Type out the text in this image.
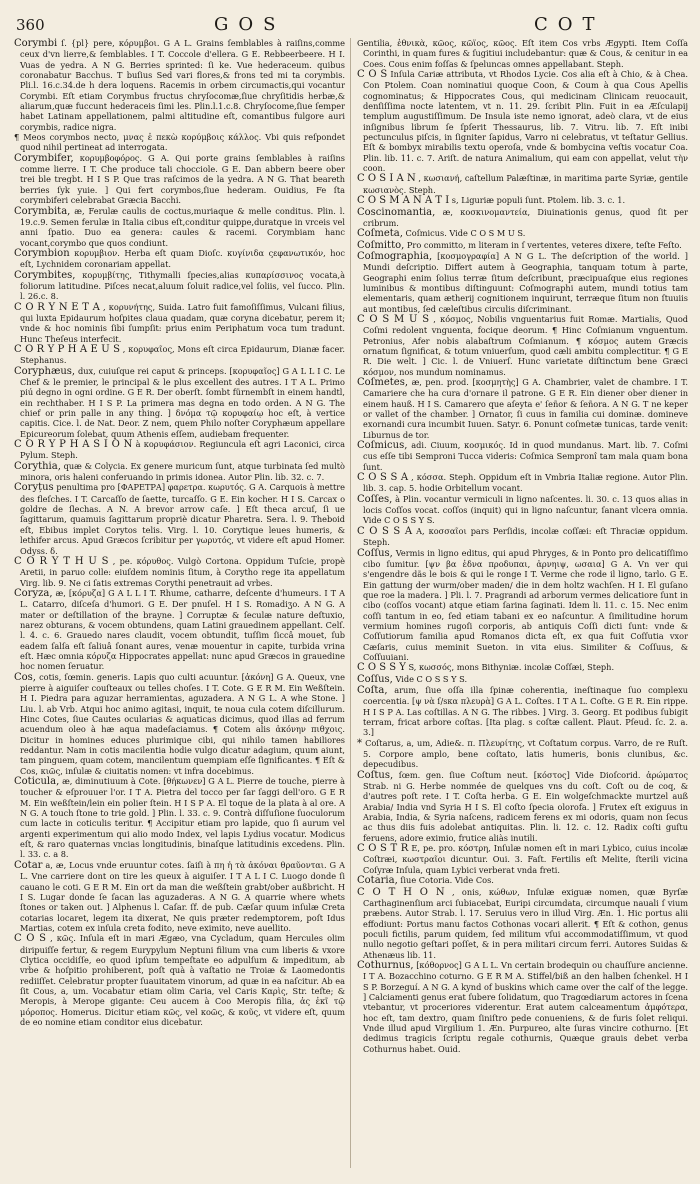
360	GOS	COT

Corymbi ſ. {pl} pere, κόρυμβοι. G A L. Grains ſemblables à raiſins,comme ceux d'vn lierre,& ſemblables. I T. Coccole d'ellera. G E. Rebbeerbeere. H I. Vuas de yedra. A N G. Berries sprinted: ſi ke. Vue hederaceum. quibus coronabatur Bacchus. T buſius Sed vari flores,& frons ted mi ta corymbis. Pli.l. 16.c.34.de h dera loquens. Racemis in orbem circumactis,qui vocantur Corymbi. Eſt etiam Corymbus fructus chryſocomæ,ſiue chryſitidis herbæ,& aliarum,quæ fuccunt hederaceis ſimi les. Plin.l.1.c.8. Chryſocome,ſiue ſemper habet Latinam appellationem, palmi altitudine eſt, comantibus fulgore auri corymbis, radice nigra.

¶ Meos corymbos necto, μνας ἐ πεκὼ κορύμβοις κάλλος. Vbi quis reſpondet quod nihil pertineat ad interrogata.

Corymbifer, κορυμβοφόρος. G A. Qui porte grains ſemblables à raiſins comme lierre. I T. Che produce tali chocciole. G E. Dan abbern beere ober trei ble tregbt. H I S P. Que tras raſcimos de la yedra. A N G. That beareth berries ſyk yuie. ] Qui fert corymbos,ſiue hederam. Ouidius, Fe ſta corymbiferi celebrabat Græcia Bacchi.

Corymbita, æ, Ferulæ caulis de coctus,muriaque & melle conditus. Plin. l. 19.c.9. Semen ferulæ in Italia cibus eſt,conditur quippe,duratque in vrceis vel anni ſpatio. Duo ea genera: caules & racemi. Corymbiam hanc vocant,corymbo que quos condiunt.

Corymbion κορυμβιον. Herba eſt quam Dioſc. κυγίνιδα ςεφανωτικόν, hoc eſt, Lychnidem coronariam appellat.

Corymbites, κορυμβίτης, Tithymalli ſpecies,alias κυπαρίσσινος vocata,à foliorum latitudine. Piſces necat,aluum ſoluit radice,vel ſoliis, vel ſucco. Plin. l. 26.c. 8.

C O R Y N E T A , κορυνήτης, Suida. Latro fuit famoſiſſimus, Vulcani filius, qui luxta Epidaurum hoſpites claua quadam, quæ coryna dicebatur, perem it; vnde & hoc nominis ſibi ſumpſit: prius enim Periphatum voca tum tradunt. Hunc Theſeus interfecit.

C O R Y P H A E U S , κορυφαῖος, Mons eſt circa Epidaurum, Dianæ facer. Stephanus.

Coryphæus, dux, cuiuſque rei caput & princeps. [κορυφαῖος] G A L L I C. Le Chef & le premier, le principal & le plus excellent des autres. I T A L. Primo piú degno in ogni ordine. G E R. Der oberſt. ſombt fürnembſt in einem handtl, ein rechthaber. H I S P. La primera mas degna en todo orden. A N G. The chief or prin palle in any thing. ] δνόμα τῷ κορυφαίῳ hoc eſt, à vertice capitis. Cice. l. de Nat. Deor. Z nem, quem Philo noſter Coryphæum appellare Epicureorum ſolebat, quum Athenis eſſem, audiebam frequenter.

C O R Y P H A S I O N à κορυφάσιον. Regiuncula eſt agri Laconici, circa Pylum. Steph.

Corythia, quæ & Colycia. Ex genere muricum ſunt, atque turbinata ſed multò minora, oris haleni conferuando in primis idonea. Autor Plin. lib. 32. c. 7.

Coryțus penultima pro [ΦΑΡΕΤΡΑ] φαρετρα. κωρυτός. G A. Carquois à mettre des fleſches. I T. Carcaſſo de ſaette, turcaſſo. G E. Ein kocher. H I S. Carcax o goldre de ſlechas. A N. A brevor arrow caſe. ] Eſt theca arcuſ, ſi ue ſagittarum, quamuis ſagittarum propriè dicatur Pharetra. Sera. l. 9. Theboid eſt, Ebibus implet Corytos telis. Virg. l. 10. Corytique leues humeris, & lethifer arcus. Apud Græcos ſcribitur per γωρυτός, vt videre eſt apud Homer. Odyss. δ.

C O R Y T H U S , pe. κόρυθος. Vulgò Cortona. Oppidum Tuſcie, propè Aretii, in paruo colle: eiuſdem nominis ſitum, à Corytho rege ita appellatum Virg. lib. 9. Ne ci ſatis extremas Corythi penetrauit ad vrbes.

Coryza, æ, [κόρυζα] G A L L I T. Rhume, catharre, deſcente d'humeurs. I T A L. Catarro, diſceſa d'humori. G E. Der pnuſel. H I S. Romadiʒo. A N G. A mater or deſtillation of the brayne. ] Corruptæ & ſeculæ nature deſtuxio, narez obturans, & vocem obtundens, quam Latini grauedinem appellant. Celſ. l. 4. c. 6. Grauedo nares claudit, vocem obtundit, tuſſim ſiccâ mouet, ſub eadem ſalſa eſt ſaliuâ ſonant aures, venæ mouentur in capite, turbida vrina eſt. Hæc omnia κόρυζα Hippocrates appellat: nunc apud Græcos in grauedine hoc nomen ſeruatur.

Cos, cotis, ſœmin. generis. Lapis quo culti acuuntur. [ἀκόνη] G A. Queux, vne pierre à aiguiſer couſteaux ou telles choſes. I T. Cote. G E R M. Ein Weßſtein. H I. Piedra para aguzar herramientas, aguzadera. A N G L. A whe Stone. ] Liu. l. ab Vrb. Atqui hoc animo agitasi, inquit, te noua cula cotem diſcillurum. Hinc Cotes, ſiue Cautes ocularias & aquaticas dicimus, quod illas ad ferrum acuendum oleo à hæ aqua madeſaciamus. ¶ Cotem alis ἀκόνην πιθχοις. Dicitur in homines educes plurimique cibi, qui nihilo tamen habiliores reddantur. Nam in cotis macilentia hodie vulgo dicatur adagium, quum aiunt, tam pinguem, quam cotem, mancilentum quempiam eſſe ſignificantes. ¶ Eſt & Cos, κιῶς, inſulæ & ciuitatis nomen: vt infra docebimus.

Coticula, æ, diminutiuum à Cote. [θήκωνεν] G A L. Pierre de touche, pierre à toucher & eſprouuer l'or. I T A. Pietra del tocco per ſar ſaggi dell'oro. G E R M. Ein weßſtein/lein ein polier ſtein. H I S P A. El toque de la plata à al ore. A N G. A touch ſtone to trie gold. ] Plin. l. 33. c. 9. Contrà diſſuſione ſuoculorum cum lacte in coticulis teritur. ¶ Accipitur etiam pro lapide, quo ſi aurum vel argenti experimentum qui alio modo Index, vel lapis Lydius vocatur. Modicus eſt, & raro quaternas vncias longitudinis, binaſque latitudinis excedens. Plin. l. 33. c. a 8.

Cotar a, æ, Locus vnde eruuntur cotes. ſaiſi à πη ἡ τὰ ἀκόναι θραῦονται. G A L. Vne carriere dont on tire les queux à aiguiſer. I T A L I C. Luogo donde ſi cauano le coti. G E R M. Ein ort da man die weßſtein grabt/ober außbricht. H I S. Lugar donde ſe ſacan las aguzaderas. A N G. A quarrie where whets ſtones or taken out. ] Alphenus l. Caſar. ſf. de pub. Cæſar quum inſulæ Creta cotarias locaret, legem ita dixerat, Ne quis præter redemptorem, poſt Idus Martias, cotem ex inſula creta fodito, neve eximito, neve auellito.

C O S , κῶς. Inſula eſt in mari Ægæo, vna Cycladum, quam Hercules olim diripuiſſe fertur, & regem Eurypylum Neptuni filium vna cum liberis & vxore Clytica occidiſſe, eo quod ipſum tempeſtate eo adpulſum & impeditum, ab vrbe & hoſpitio prohiberent, poſt quà à vaſtatio ne Troiæ & Laomedontis rediiſſet. Celebratur propter ſuauitatem vinorum, ad quæ in ea naſcitur. Ab ea ſit Cous, a, um. Vocabatur etiam olim Caria, vel Caris Καρὶς, Str. teſte; & Meropis, à Merope gigante: Ceu aucem à Coo Meropis filia, ἀς ἐκῖ τῷ μόροπος. Homerus. Dicitur etiam κῶς, vel κοῶς, & κοῦς, vt videre eſt, quum de eo nomine etiam conditor eius dicebatur.

Gentilia, ἐθνικὰ, κῶος, κῶϊος, κῶος. Eſt item Cos vrbs Ægypti. Item Coſſa Corinthi, in quam fures & ſugitiui includebantur: quæ & Cous, & cenitur in ea Coes. Cous enim foſſas & ſpeluncas omnes appellabant. Steph.

C O S Inſula Cariæ attributa, vt Rhodos Lycie. Cos alia eſt à Chio, & à Chea. Con Ptolem. Coan nominatiui quoque Coon, & Coum à qua Cous Apellis cognominatus; & Hippocrates Cous, qui medicinam Clinicam reuocauit, denſiſſima nocte latentem, vt n. 11. 29. ſcribit Plin. Fuit in ea Æſculapij templum augustiſſimum. De Insula iste nemo ignorat, adeò clara, vt de eius inſignibus librum ſe ſpſerit Thessaurus, lib. 7. Vitru. lib. 7. Eſt inibi pectunculus piſcis, in ſigniter ſapidus, Varro ni celebratus, vt teſtatur Gellius. Eſt & bombyx mirabilis textu operoſa, vnde & bombycina veſtis vocatur Coa. Plin. lib. 11. c. 7. Ariſt. de natura Animalium, qui eam con appellat, velut τὴν coon.

C O S I A N , κωσιανή, caſtellum Palæſtinæ, in maritima parte Syriæ, gentile κωσιανὸς. Steph.

C O S M A N A T I s, Liguriæ populi ſunt. Ptolem. lib. 3. c. 1.

Coscinomantia, æ, κοσκινομαντεία, Diuinationis genus, quod ſit per cribrum.

Coſmeta, Coſmicus. Vide C O S M U S.

Coſmitto, Pro committo, m literam in ſ vertentes, veteres dixere, teſte Feſto.

Coſmographia, [κοσμογραφία] A N G L. The deſcription of the world. ] Mundi deſcriptio. Differt autem à Geographia, tanquam totum à parte, Geographi enim ſolius terræ ſitum deſcribunt, præcipuaſque eius regiones luminibus & montibus diſtinguunt: Coſmographi autem, mundi totius tam elementaris, quam ætherij cognitionem inquirunt, terræque ſitum non ſtuuiis aut montibus, ſed cæleſtibus circulis diſcriminant.

C O S M U S , κόσμος, Nobilis vnguentarius fuit Romæ. Martialis, Quod Coſmi redolent vnguenta, focique deorum. ¶ Hinc Coſmianum vnguentum. Petronius, Afer nobis alabaſtrum Coſmianum. ¶ κόσμος autem Græcis ornatum ſignificat, & totum vniuerſum, quod cæli ambitu complectitur. ¶ G E R. Die welt. ] Cic. l. de Vniuerſ. Hunc varietate diſtinctum bene Græci κόσμον, nos mundum nominamus.

Coſmetes, æ, pen. prod. [κοσμητὴς] G A. Chambrier, valet de chambre. I T. Camariere che ha cura d'ornare il patrone. G E R. Ein diener ober diener in einem hauß. H I S. Camarero que aſeyta e' ſeñor & ſeñora. A N G. T ne keper or vallet of the chamber. ] Ornator, ſi cuus in familia cui dominæ. domineve exornandi cura incumbit Iuuen. Satyr. 6. Ponunt coſmetæ tunicas, tarde venit: Liburnus de tor.

Coſmicus, adi. Ciuum, κοσμικός. Id in quod mundanus. Mart. lib. 7. Coſmi cus eſſe tibi Semproni Tucca videris: Coſmica Sempronî tam mala quam bona ſunt.

C O S S A , κόσσα. Steph. Oppidum eſt in Vmbria Italiæ regione. Autor Plin. lib. 3. cap. 5. hodie Orbitellum vocant.

Coſſes, à Plin. vocantur vermiculi in ligno naſcentes. li. 30. c. 13 quos alias in locis Coſſos vocat. coſſos (inquit) qui in ligno naſcuntur, ſanant vlcera omnia. Vide C O S S Y S.

C O S S A A, κοσσαῖοι pars Perſidis, incolæ coſſæi: eſt Thraciæ oppidum. Steph.

Coſſus, Vermis in ligno editus, qui apud Phryges, & in Ponto pro delicatiſſimo cibo ſumitur. [ψν βα ἐδνα προδυπαι, ἀρνηιψ, ωσαια] G A. Vn ver qui s'engendre dãs le bois & qui le ronge I T. Verme che rode il ligno, tarlo. G E. Ein gattung der wurm/ober maden/ die in dem holtz wachſen. H I. El guſano que roe la madera. ] Pli. l. 7. Pragrandi ad arborum vermes delicatiore ſunt in cibo (coſſos vocant) atque etiam ſarina ſaginati. Idem li. 11. c. 15. Nec enim coſſi tantum in eo, ſed etiam tabani ex eo naſcuntur. A ſimilitudine horum vermium homines rugoſi corporis, ab antiquis Coſſi dicti ſunt: vnde & Coſſutiorum familia apud Romanos dicta eſt, ex qua fuit Coſſutia vxor Cæſaris, cuius meminit Sueton. in vita eius. Similiter & Coſſuus, & Coſſuuiani.

C O S S Y S, κωσσός, mons Bithyniæ. incolæ Coſſæi, Steph.

Coſſus, Vide C O S S Y S.

Coſta, arum, ſiue oſſa illa ſpinæ coherentia, ineſtinaque ſuo complexu coercentia. [ψ νὰ ſ/sκα πλευρὰ] G A L. Coſtes. I T A L. Coſte. G E R. Ein rippe. H I S P A. Las coſtillas. A N G. The ribbes. ] Virg. 3. Georg. Et podibus ſubigit terram, fricat arbore coſtas. [Ita plag. s coſtæ callent. Plaut. Pſeud. ſc. 2. a. 3.]

* Coſtarus, a, um, Adie&. π. Πλευρίτης, vt Coſtatum corpus. Varro, de re Ruſt. 5. Corpore amplo, bene coſtato, latis humeris, bonis clunibus, &c. depecudibus.

Coſtus, ſœm. gen. ſiue Coſtum neut. [κόστος] Vide Dioſcorid. ἀρώματος Strab. ni G. Herbe nommée de quelques vns du coſt. Coſt ou de coq, & d'autres poſt rete. I T. Coſta herba. G E. Ein wolgeſchmackte murtzel auß Arabia/ India vnd Syria H I S. El coſto ſpecia olorofa. ] Frutex eſt exiguus in Arabia, India, & Syria naſcens, radicem ferens ex mi odoris, quam non ſecus ac thus diis fuis adolebat antiquitas. Plin. li. 12. c. 12. Radix coſti guſtu feruens, adore eximio, frutice aliàs inutili.

C O S T R E, pe. pro. κόστρη, Inſulæ nomen eſt in mari Lybico, cuius incolæ Coſtræi, κωστραῖοι dicuntur. Oui. 3. Faſt. Fertilis eſt Melite, ſterili vicina Coſyræ Inſula, quam Lybici verberat vnda freti.

Cotaria, ſiue Cotoria. Vide Cos.

C O T H O N , onis, κώθων, Inſulæ exiguæ nomen, quæ Byrſæ Carthaginenſium arci ſubiacebat, Euripi circumdata, circumque nauali ſ vium præbens. Autor Strab. l. 17. Seruius vero in illud Virg. Æn. 1. Hic portus alii effodiunt: Portus manu factos Cothonas vocari allerit. ¶ Eſt & cothon, genus poculi fictilis, parum quidem, ſed militum vſui accommodatiſſimum, vt quod nullo negotio geſtari poſſet, & in pera militari circum ferri. Autores Suidas & Athenæus lib. 11.

Cothurnus, [κόθορνος] G A L L. Vn certain brodequin ou chauſſure ancienne. I T A. Bozacchino coturno. G E R M A. Stiffel/biß an den halben ſchenkel. H I S P. Borzeguí. A N G. A kynd of buskins which came over the calf of the legge. ] Calciamenti genus erat ſubere ſolidatum, quo Tragœdiarum actores in ſcena vtebantur, vt proceriores viderentur. Erat autem calceamentum ἀμφότερα, hoc eſt, tam dextro, quam ſiniſtro pede conueniens, & de furis ſolet reliqui. Vnde illud apud Virgilium 1. Æn. Purpureo, alte ſuras vincire cothurno. [Et dedimus tragicis ſcriptu regale cothurnis, Quæque grauis debet verba Cothurnus habet. Ouid.
